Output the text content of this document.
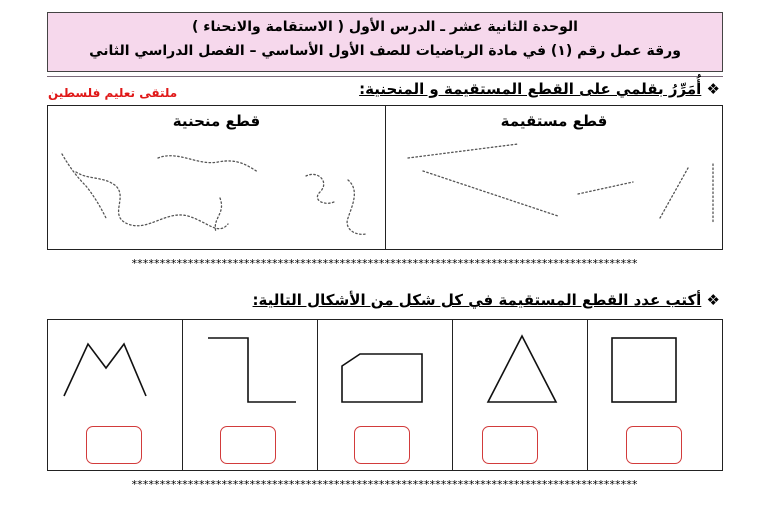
الوحدة الثانية عشر ـ الدرس الأول ( الاستقامة والانحناء )
ورقة عمل رقم (١) في مادة الرياضيات للصف الأول الأساسي – الفصل الدراسي الثاني
❖ أُمَرِّرُ بقلمي على القطع المستقيمة و المنحنية:
ملتقى تعليم فلسطين
قطع مستقيمة
قطع منحنية
******************************************************************************************
❖ أكتب عدد القطع المستقيمة في كل شكل من الأشكال التالية:
******************************************************************************************
